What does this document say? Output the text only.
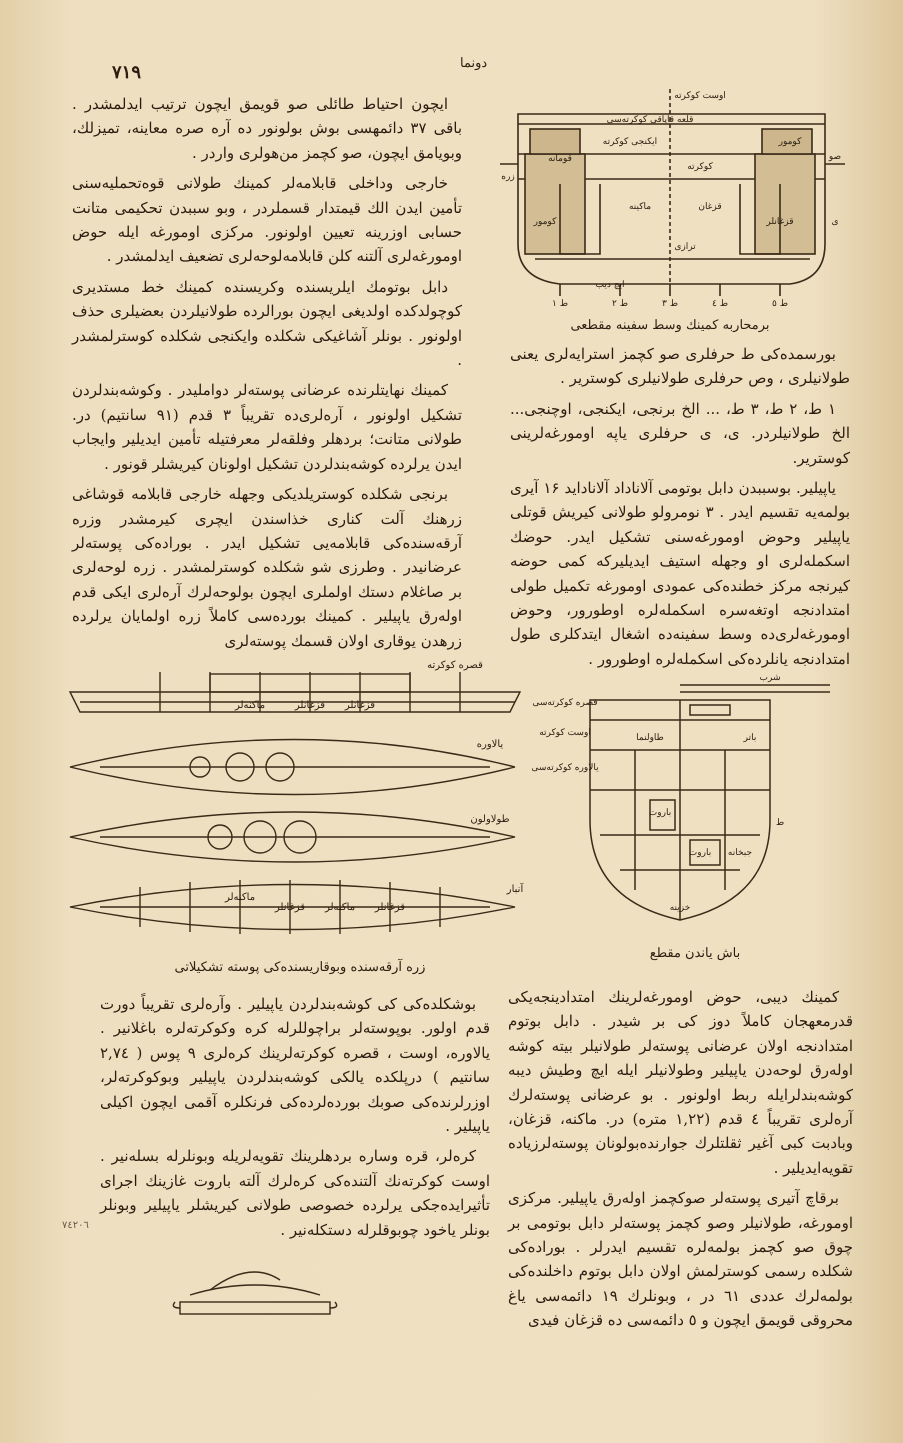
٧١٩	دونما

ایچون احتیاط طائلی صو قویمق ایچون ترتیب ایدلمشدر . باقی ۳۷ دائمهسی بوش بولونور ده آره صره معاینه، تمیزلك، وبویامق ایچون، صو کچمز من‌هولری واردر .

خارجی وداخلی قابلامه‌لر کمینك طولانی قوه‌تحملیه‌سنی تأمین ایدن الك قیمتدار قسملردر ، وبو سببدن تحکیمی متانت حسابی اوزرینه تعیین اولونور. مرکزی اومورغه ایله حوض اومورغه‌لری آلتنه کلن قابلامه‌لوحه‌لری تضعیف ایدلمشدر .

دابل بوتومك ایلریسنده وکریسنده کمینك خط مستدیری کوچولدکده اولدیغی ایچون بورالرده طولانیلردن بعضیلری حذف اولونور . بونلر آشاغیکی شکلده وایکنجی شکلده کوسترلمشدر .

کمینك نهایتلرنده عرضانی پوسته‌لر دوامليدر . وکوشه‌بندلردن تشکیل اولونور ، آره‌لری‌ده تقریباً ۳ قدم (۹۱ سانتیم) در. طولانی متانت؛ بردهلر وفلقه‌لر معرفتیله تأمین ایدیلیر وایجاب ایدن یرلرده کوشه‌بندلردن تشکیل اولونان کیریشلر قونور .

برنجی شکلده کوستریلدیکی وجهله خارجی قابلامه قوشاغی زرهنك آلت کناری خذاسندن ایچری کیرمشدر وزره آرقه‌سنده‌کی قابلامه‌یی تشکیل ایدر . بوراده‌کی پوسته‌لر عرضانیدر . وطرزی شو شکلده کوسترلمشدر . زره لوحه‌لری بر صاغلام دستك اولملری ایچون بولوحه‌لرك آره‌لری ایکی قدم اوله‌رق یاپیلیر . کمینك بورده‌سی کاملاً زره اولمایان یرلرده زرهدن یوقاری اولان قسمك پوسته‌لری

اوست کوکرته
قلعه قاپاقی کوکرته‌سی
ایکنجی کوکرته
کوکرته
قومانه
قزغان
ماکینه
ترازی
کومور
کومور	قزغانلر
زره
صو
ایچ دیب
ط ١	ط ٢	ط ٣	ط ٤	ط ٥
ی
برمحاربه کمینك وسط سفینه مقطعی

بورسمده‌کی ط حرفلری صو کچمز استرایه‌لری یعنی طولانیلری ، وص حرفلری طولانیلری کوستریر .

۱ ط، ۲ ط، ۳ ط، ... الخ برنجی، ایکنجی، اوچنجی... الخ طولانیلردر. ی، ی حرفلری یاپه اومورغه‌لرینی کوستریر.

یاپیلیر. بوسببدن دابل بوتومی آلاناداد آلاناداید ۱۶ آیری بولمه‌یه تقسیم ایدر . ۳ نومرولو طولانی کیریش قوتلی یاپیلیر وحوض اومورغه‌سنی تشکیل ایدر. حوضك اسکمله‌لری او وجهله استیف ایدیلیرکه کمی حوضه کیرنجه مرکز خطنده‌کی عمودی اومورغه تکمیل طولی امتدادنجه اوتغه‌سره اسکمله‌لره اوطورور، وحوض اومورغه‌لری‌ده وسط سفینه‌ده اشغال ایتدکلری طول امتدادنجه یانلرده‌کی اسکمله‌لره اوطورور .

قصره کوکرته
یالاوره
طولاولون
آنبار
ماکنه‌لر	قزغانلر قزغانلر
قزغانلر ماکنه‌لر قزغانلر
ماکنه‌لر
زره آرقه‌سنده وبوقاریسنده‌کی پوسته تشکیلاتی
شرب
قصره کوکرته‌سی
اوست کوکرته
یالاوره کوکرته‌سی
باتر
طاولنما
ط
خزینه
باروت
باروت جبخانه
باش یاندن مقطع

بوشکلده‌کی کی کوشه‌بندلردن یاپیلیر . وآره‌لری تقریباً دورت قدم اولور. بوپوسته‌لر براچوللرله کره وکوکرته‌لره باغلانیر . یالاوره، اوست ، قصره کوکرته‌لرینك کره‌لری ۹ پوس ( ۲,۷٤ سانتیم ) درپلکده یالکی کوشه‌بندلردن یاپیلیر وبوکوکرته‌لر، اوزرلرنده‌کی صوبك بورده‌لرده‌کی فرنکلره آقمی ایچون اکیلی یاپیلیر .

کره‌لر، قره وساره بردهلرینك تقویه‌لریله وبونلرله بسله‌نیر . اوست کوکرته‌نك آلتنده‌کی کره‌لرك آلته باروت غازینك اجرای تأثیرایده‌جکی یرلرده خصوصی طولانی کیریشلر یاپیلیر وبونلر بونلر یاخود چوبوقلرله دستکله‌نیر .

کمینك دیبی، حوض اومورغه‌لرینك امتدادینجه‌یکی قدرمعهجان کاملاً دوز کی بر شیدر . دابل بوتوم امتدادنجه اولان عرضانی پوسته‌لر طولانیلر بیته کوشه اوله‌رق لوحه‌دن یاپیلیر وطولانیلر ایله ایچ وطیش دیبه کوشه‌بندلرایله ربط اولونور . بو عرضانی پوسته‌لرك آره‌لری تقریباً ٤ قدم (۱,۲۲ متره) در. ماکنه، قزغان، وبادبت کبی آغیر ثقلتلرك جوارنده‌بولونان پوسته‌لرزیاده تقویه‌ایدیلیر .

برقاچ آتیری پوسته‌لر صوکچمز اوله‌رق یاپیلیر. مرکزی اومورغه، طولانیلر وصو کچمز پوسته‌لر دابل بوتومی بر چوق صو کچمز بولمه‌لره تقسیم ایدرلر . بوراده‌کی شکلده رسمی کوسترلمش اولان دابل بوتوم داخلنده‌کی بولمه‌لرك عددی ٦۱ در ، وبونلرك ۱۹ دائمه‌سی یاغ محروقی قویمق ایچون و ٥ دائمه‌سی ده قزغان فیدی

٧٤٢٠٦
